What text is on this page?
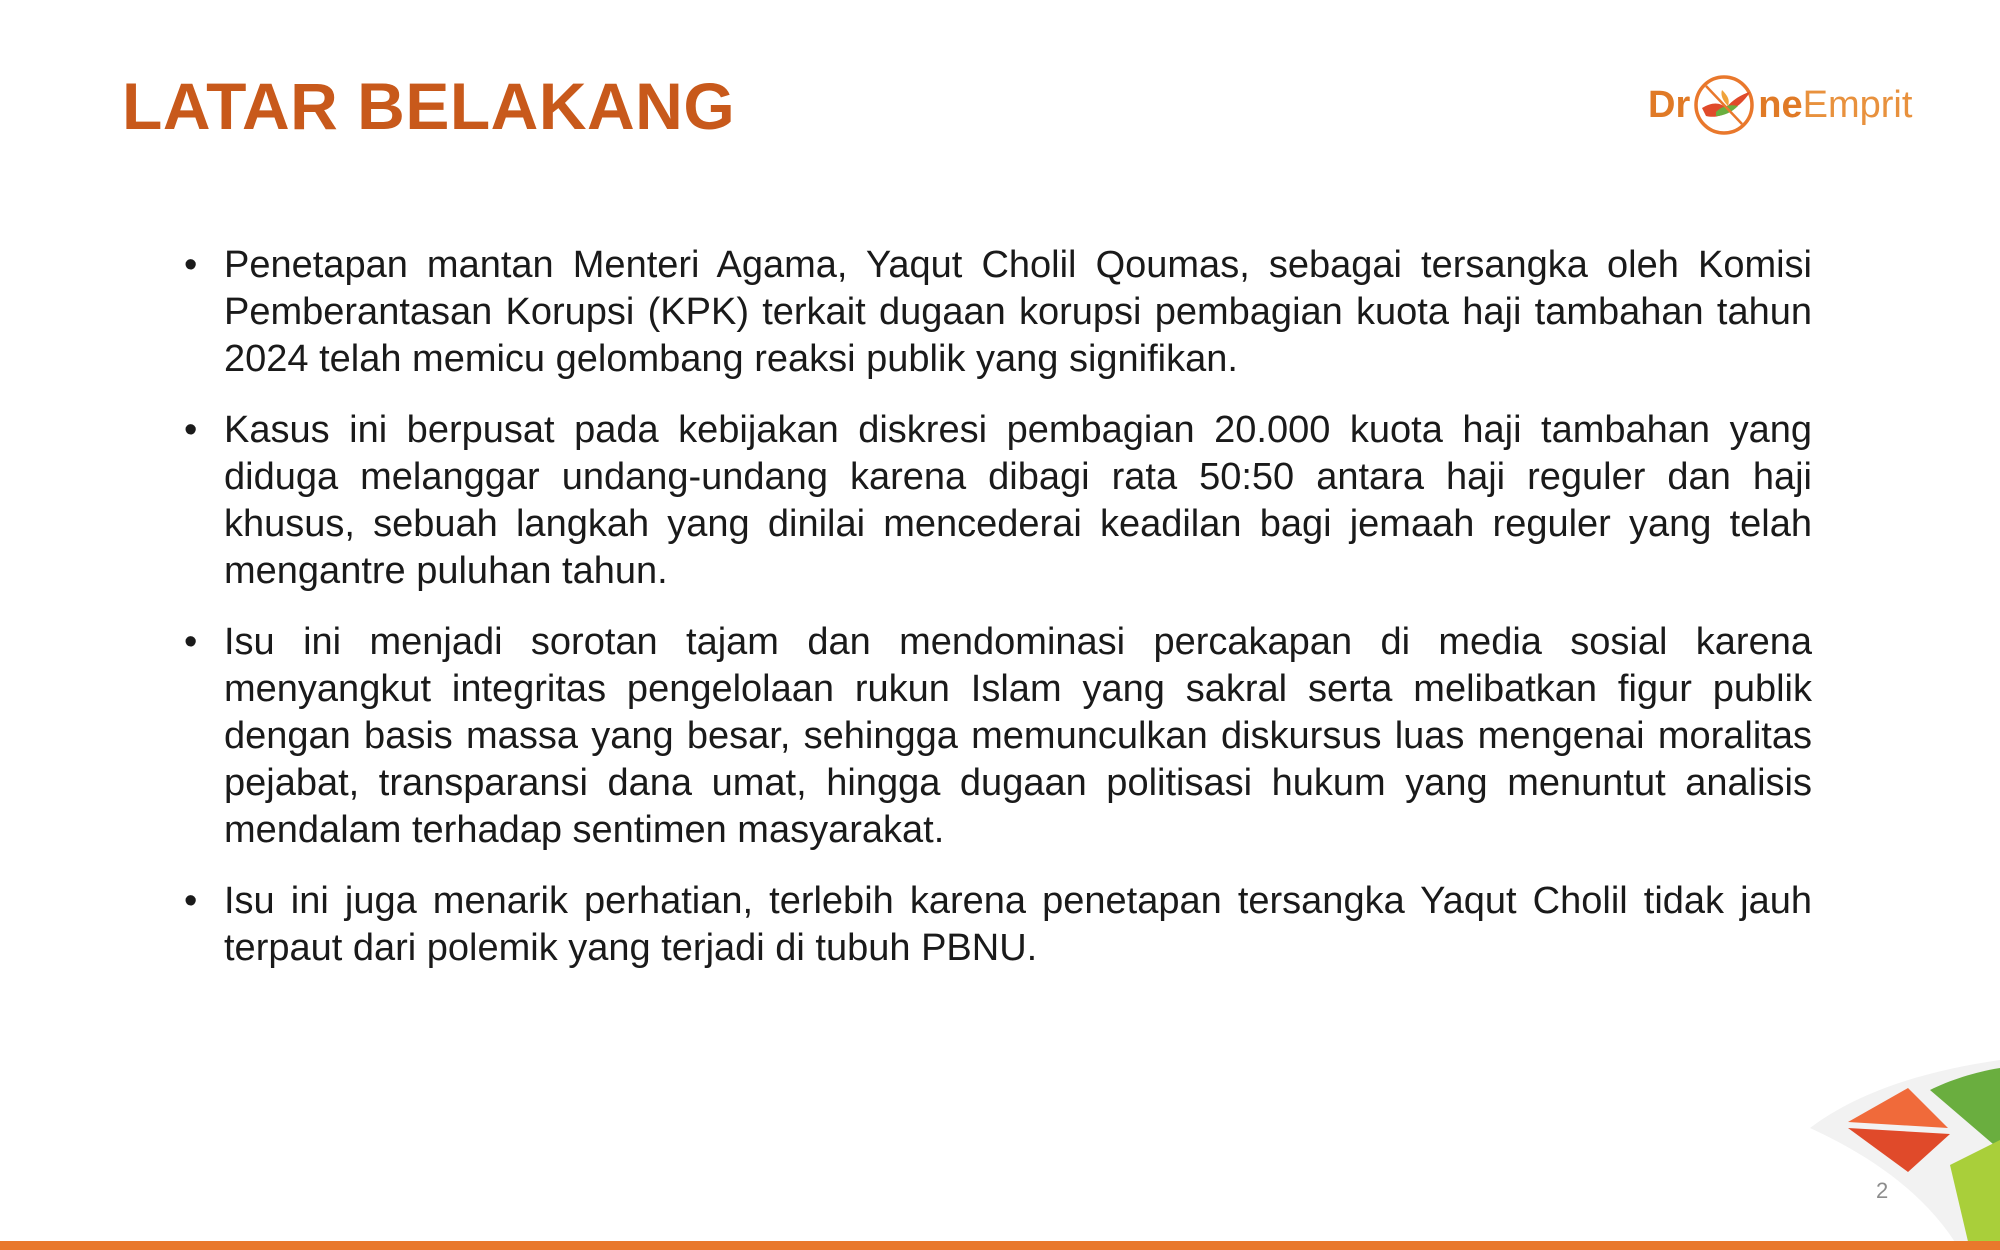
LATAR BELAKANG	Dr ne Emprit
• Penetapan mantan Menteri Agama, Yaqut Cholil Qoumas, sebagai tersangka oleh Komisi Pemberantasan Korupsi (KPK) terkait dugaan korupsi pembagian kuota haji tambahan tahun 2024 telah memicu gelombang reaksi publik yang signifikan.
• Kasus ini berpusat pada kebijakan diskresi pembagian 20.000 kuota haji tambahan yang diduga melanggar undang-undang karena dibagi rata 50:50 antara haji reguler dan haji khusus, sebuah langkah yang dinilai mencederai keadilan bagi jemaah reguler yang telah mengantre puluhan tahun.
• Isu ini menjadi sorotan tajam dan mendominasi percakapan di media sosial karena menyangkut integritas pengelolaan rukun Islam yang sakral serta melibatkan figur publik dengan basis massa yang besar, sehingga memunculkan diskursus luas mengenai moralitas pejabat, transparansi dana umat, hingga dugaan politisasi hukum yang menuntut analisis mendalam terhadap sentimen masyarakat.
• Isu ini juga menarik perhatian, terlebih karena penetapan tersangka Yaqut Cholil tidak jauh terpaut dari polemik yang terjadi di tubuh PBNU.
2
